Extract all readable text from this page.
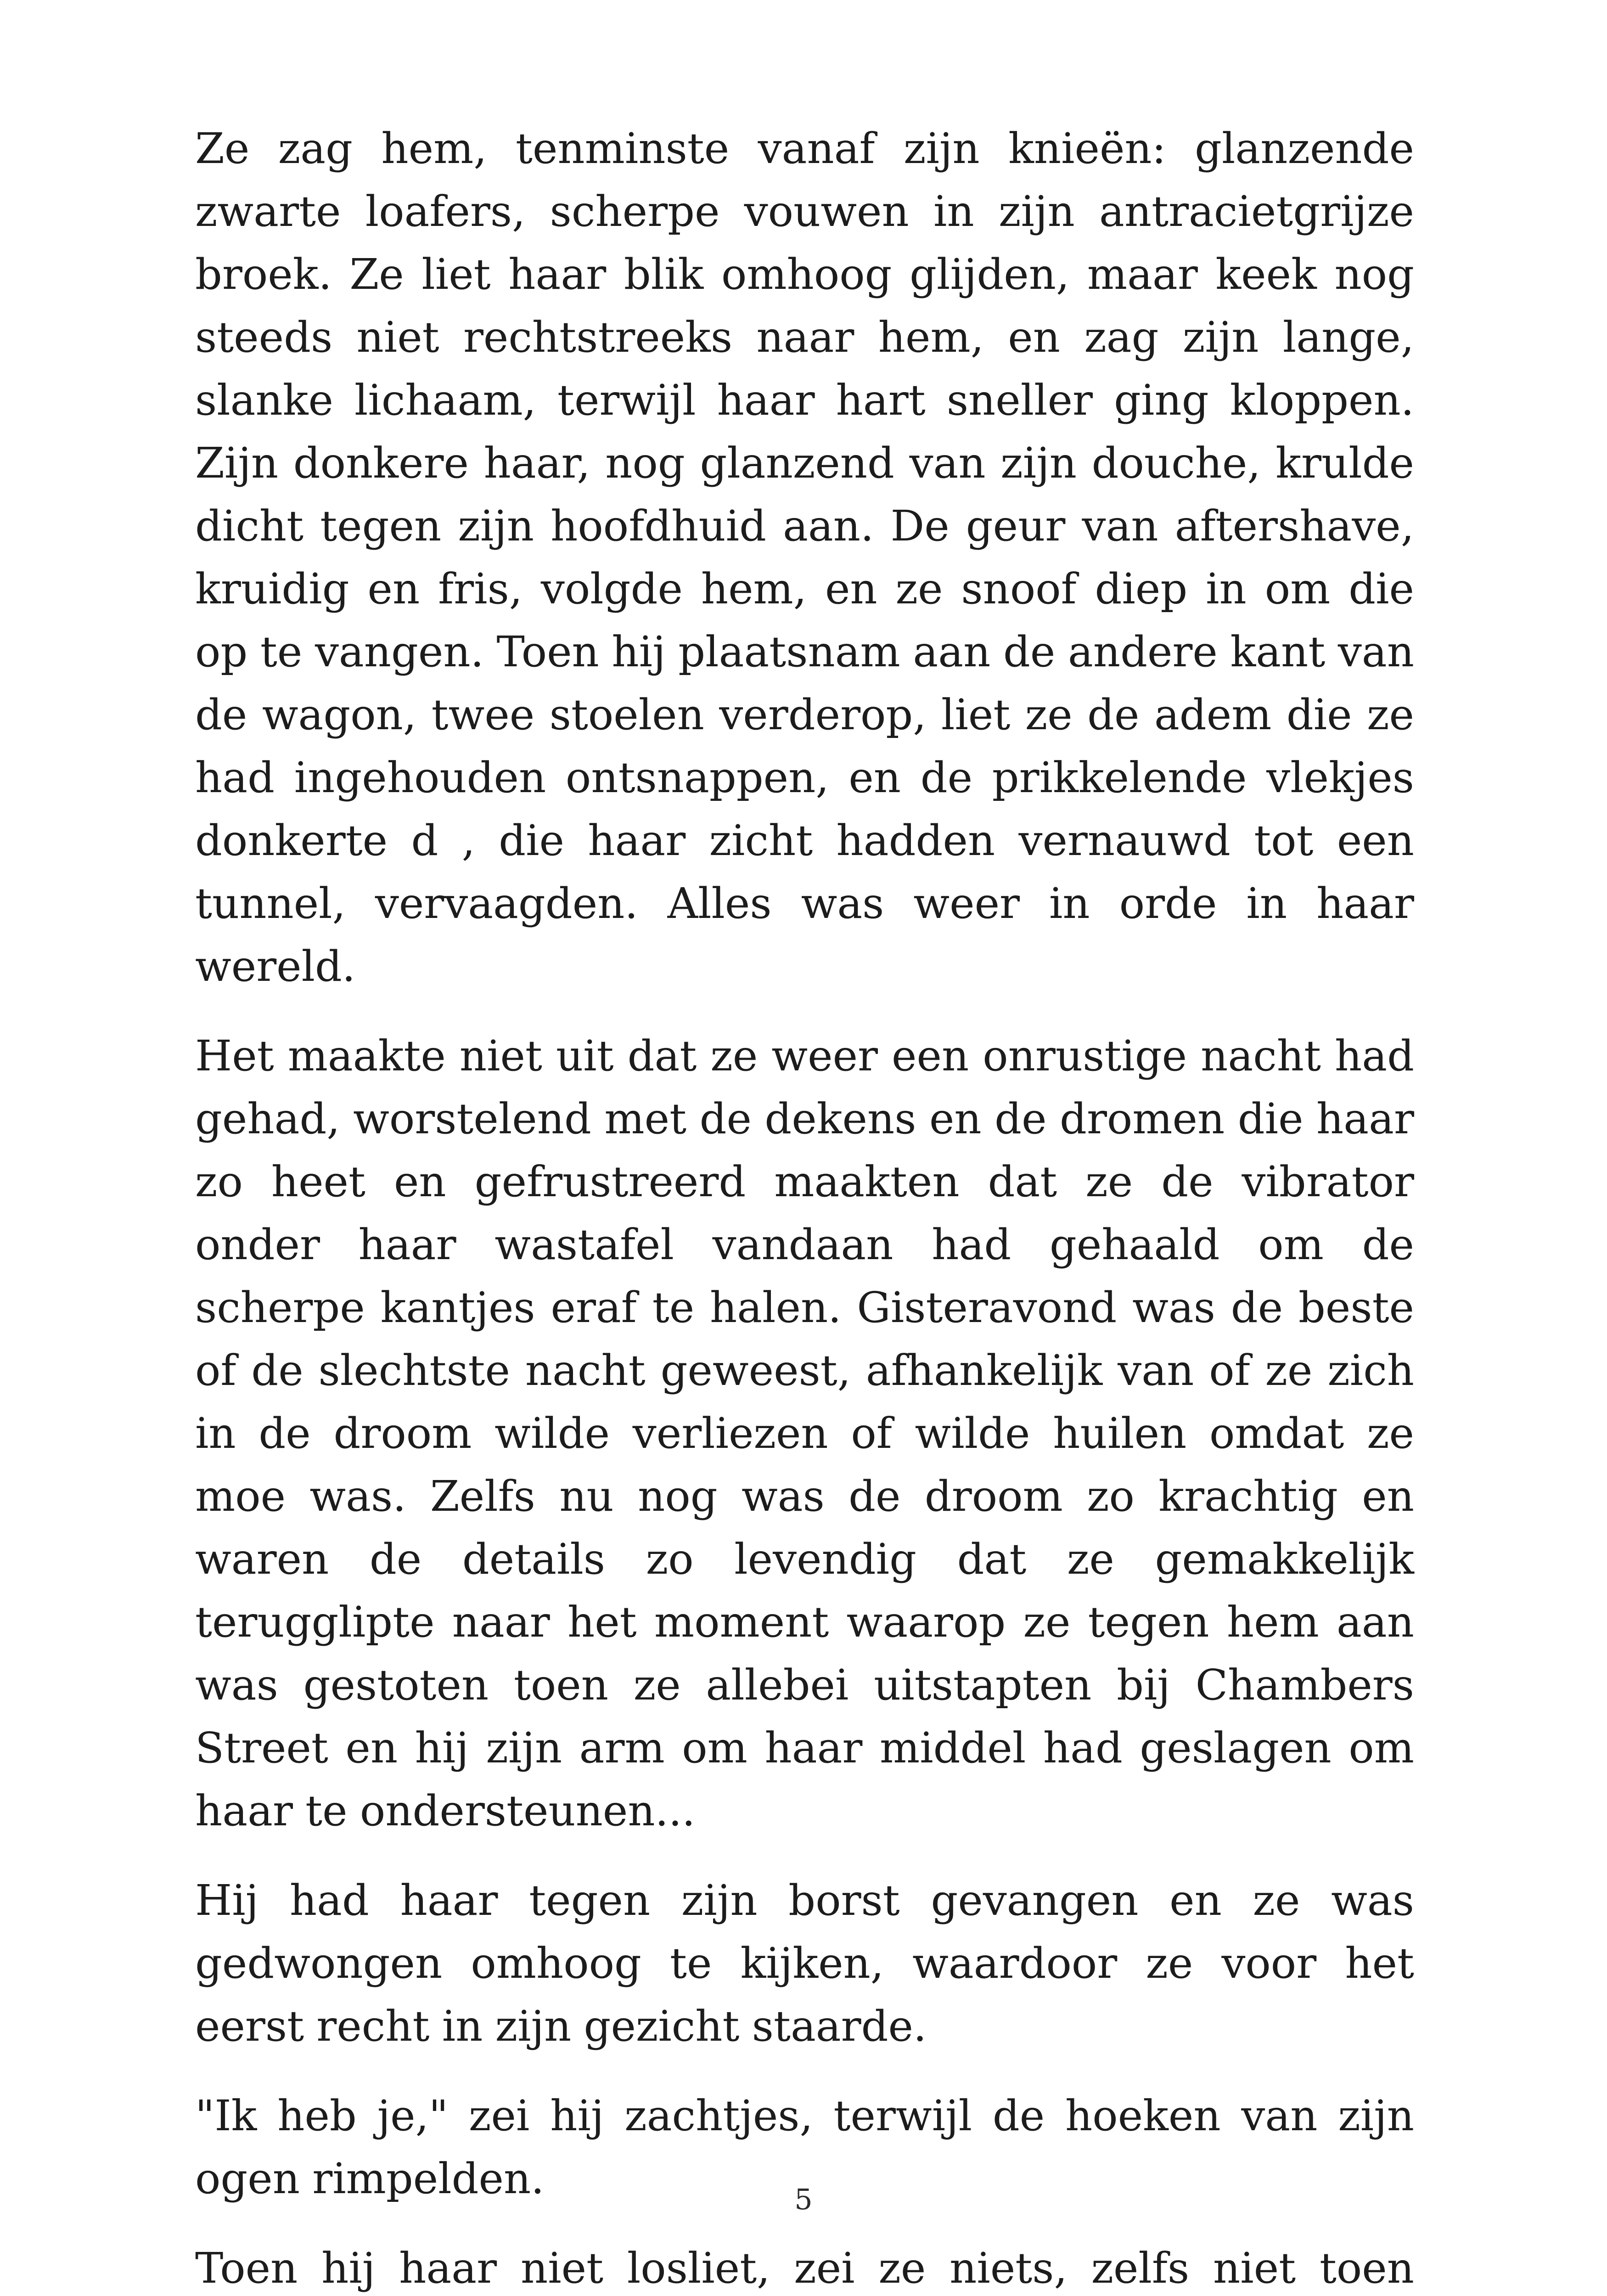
Ze zag hem, tenminste vanaf zijn knieën: glanzende zwarte loafers, scherpe vouwen in zijn antracietgrijze broek. Ze liet haar blik omhoog glijden, maar keek nog steeds niet rechtstreeks naar hem, en zag zijn lange, slanke lichaam, terwijl haar hart sneller ging kloppen. Zijn donkere haar, nog glanzend van zijn douche, krulde dicht tegen zijn hoofdhuid aan. De geur van aftershave, kruidig en fris, volgde hem, en ze snoof diep in om die op te vangen. Toen hij plaatsnam aan de andere kant van de wagon, twee stoelen verderop, liet ze de adem die ze had ingehouden ontsnappen, en de prikkelende vlekjes donkerte d , die haar zicht hadden vernauwd tot een tunnel, vervaagden. Alles was weer in orde in haar wereld.

Het maakte niet uit dat ze weer een onrustige nacht had gehad, worstelend met de dekens en de dromen die haar zo heet en gefrustreerd maakten dat ze de vibrator onder haar wastafel vandaan had gehaald om de scherpe kantjes eraf te halen. Gisteravond was de beste of de slechtste nacht geweest, afhankelijk van of ze zich in de droom wilde verliezen of wilde huilen omdat ze moe was. Zelfs nu nog was de droom zo krachtig en waren de details zo levendig dat ze gemakkelijk terugglipte naar het moment waarop ze tegen hem aan was gestoten toen ze allebei uitstapten bij Chambers Street en hij zijn arm om haar middel had geslagen om haar te ondersteunen...

Hij had haar tegen zijn borst gevangen en ze was gedwongen omhoog te kijken, waardoor ze voor het eerst recht in zijn gezicht staarde.

"Ik heb je," zei hij zachtjes, terwijl de hoeken van zijn ogen rimpelden.

Toen hij haar niet losliet, zei ze niets, zelfs niet toen

5
